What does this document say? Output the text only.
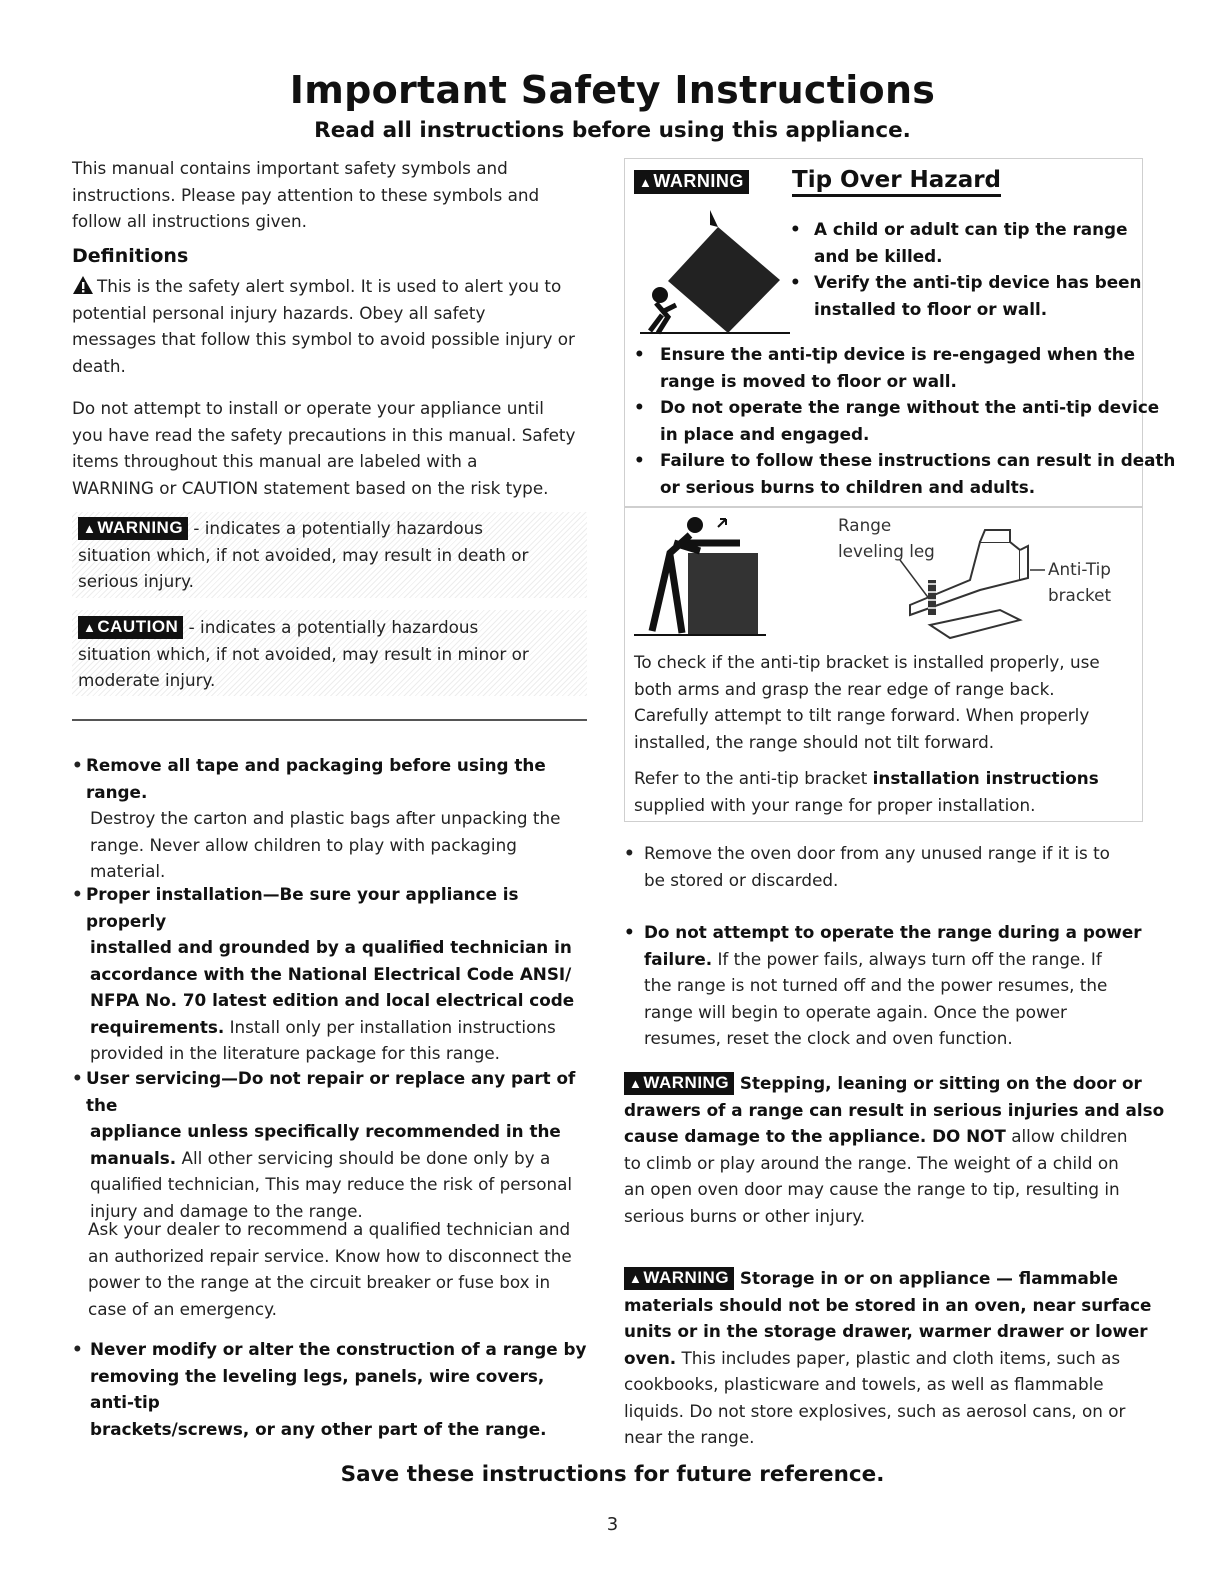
Important Safety Instructions
Read all instructions before using this appliance.
This manual contains important safety symbols and
instructions. Please pay attention to these symbols and
follow all instructions given.
Definitions
This is the safety alert symbol. It is used to alert you to
potential personal injury hazards. Obey all safety
messages that follow this symbol to avoid possible injury or
death.
Do not attempt to install or operate your appliance until
you have read the safety precautions in this manual. Safety
items throughout this manual are labeled with a
WARNING or CAUTION statement based on the risk type.
▲WARNING - indicates a potentially hazardous
situation which, if not avoided, may result in death or
serious injury.
▲CAUTION - indicates a potentially hazardous
situation which, if not avoided, may result in minor or
moderate injury.
• Remove all tape and packaging before using the range.
Destroy the carton and plastic bags after unpacking the
range. Never allow children to play with packaging
material.
• Proper installation—Be sure your appliance is properly
installed and grounded by a qualified technician in
accordance with the National Electrical Code ANSI/
NFPA No. 70 latest edition and local electrical code
requirements. Install only per installation instructions
provided in the literature package for this range.
• User servicing—Do not repair or replace any part of the
appliance unless specifically recommended in the
manuals. All other servicing should be done only by a
qualified technician, This may reduce the risk of personal
injury and damage to the range.
Ask your dealer to recommend a qualified technician and
an authorized repair service. Know how to disconnect the
power to the range at the circuit breaker or fuse box in
case of an emergency.
• Never modify or alter the construction of a range by
removing the leveling legs, panels, wire covers, anti-tip
brackets/screws, or any other part of the range.
▲WARNING Tip Over Hazard
• A child or adult can tip the range
and be killed.
• Verify the anti-tip device has been
installed to floor or wall.
• Ensure the anti-tip device is re-engaged when the
range is moved to floor or wall.
• Do not operate the range without the anti-tip device
in place and engaged.
• Failure to follow these instructions can result in death
or serious burns to children and adults.
Range
leveling leg
Anti-Tip
bracket
To check if the anti-tip bracket is installed properly, use
both arms and grasp the rear edge of range back.
Carefully attempt to tilt range forward. When properly
installed, the range should not tilt forward.
Refer to the anti-tip bracket installation instructions
supplied with your range for proper installation.
• Remove the oven door from any unused range if it is to
be stored or discarded.
• Do not attempt to operate the range during a power
failure. If the power fails, always turn off the range. If
the range is not turned off and the power resumes, the
range will begin to operate again. Once the power
resumes, reset the clock and oven function.
▲WARNING Stepping, leaning or sitting on the door or
drawers of a range can result in serious injuries and also
cause damage to the appliance. DO NOT allow children
to climb or play around the range. The weight of a child on
an open oven door may cause the range to tip, resulting in
serious burns or other injury.
▲WARNING Storage in or on appliance — flammable
materials should not be stored in an oven, near surface
units or in the storage drawer, warmer drawer or lower
oven. This includes paper, plastic and cloth items, such as
cookbooks, plasticware and towels, as well as flammable
liquids. Do not store explosives, such as aerosol cans, on or
near the range.
Save these instructions for future reference.
3
